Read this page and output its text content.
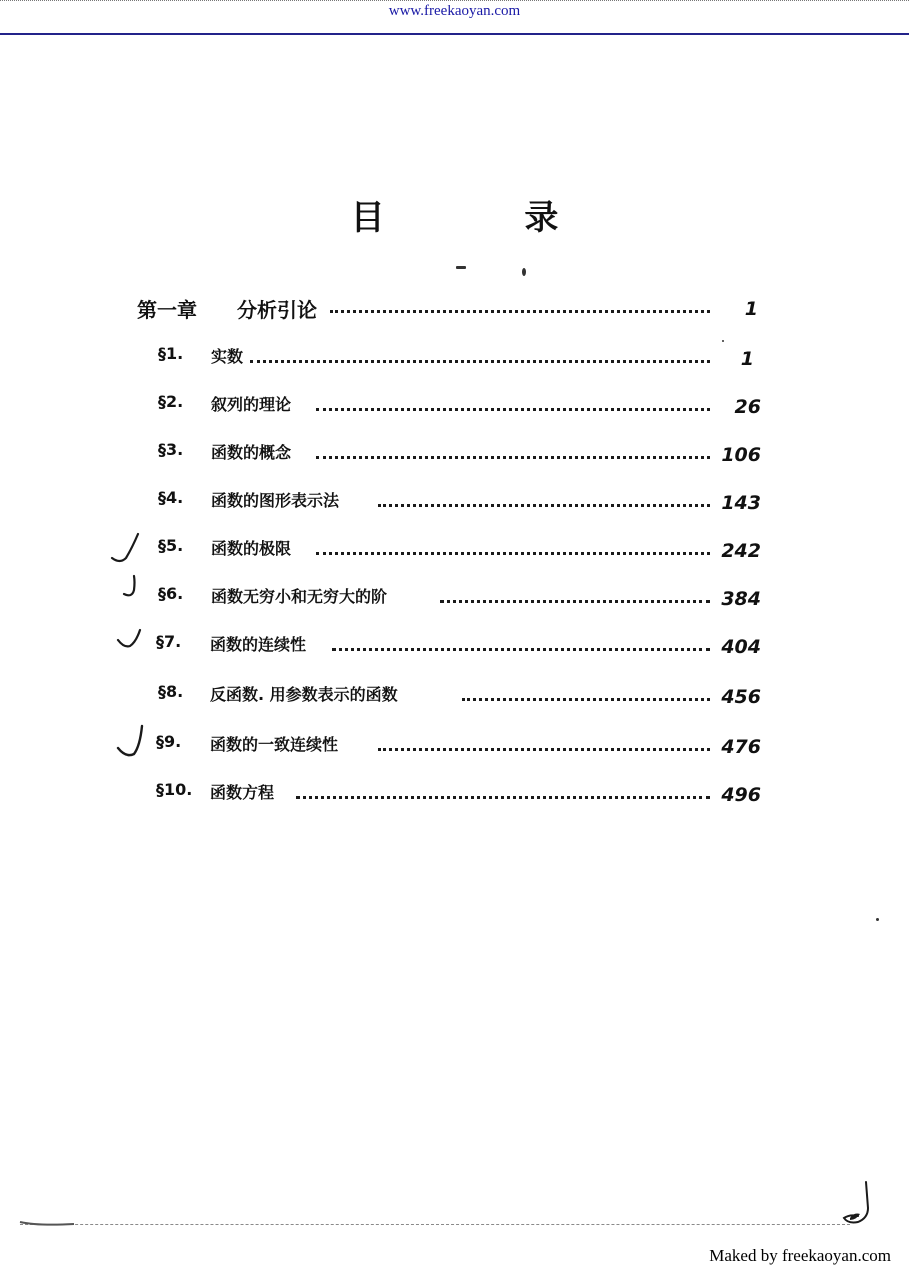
www.freekaoyan.com
目 录
第一章 分析引论	1
§1. 实数	1
§2. 叙列的理论	26
§3. 函数的概念	106
§4. 函数的图形表示法	143
§5. 函数的极限	242
§6. 函数无穷小和无穷大的阶	384
§7. 函数的连续性	404
§8. 反函数. 用参数表示的函数	456
§9. 函数的一致连续性	476
§10. 函数方程	496
Maked by freekaoyan.com
